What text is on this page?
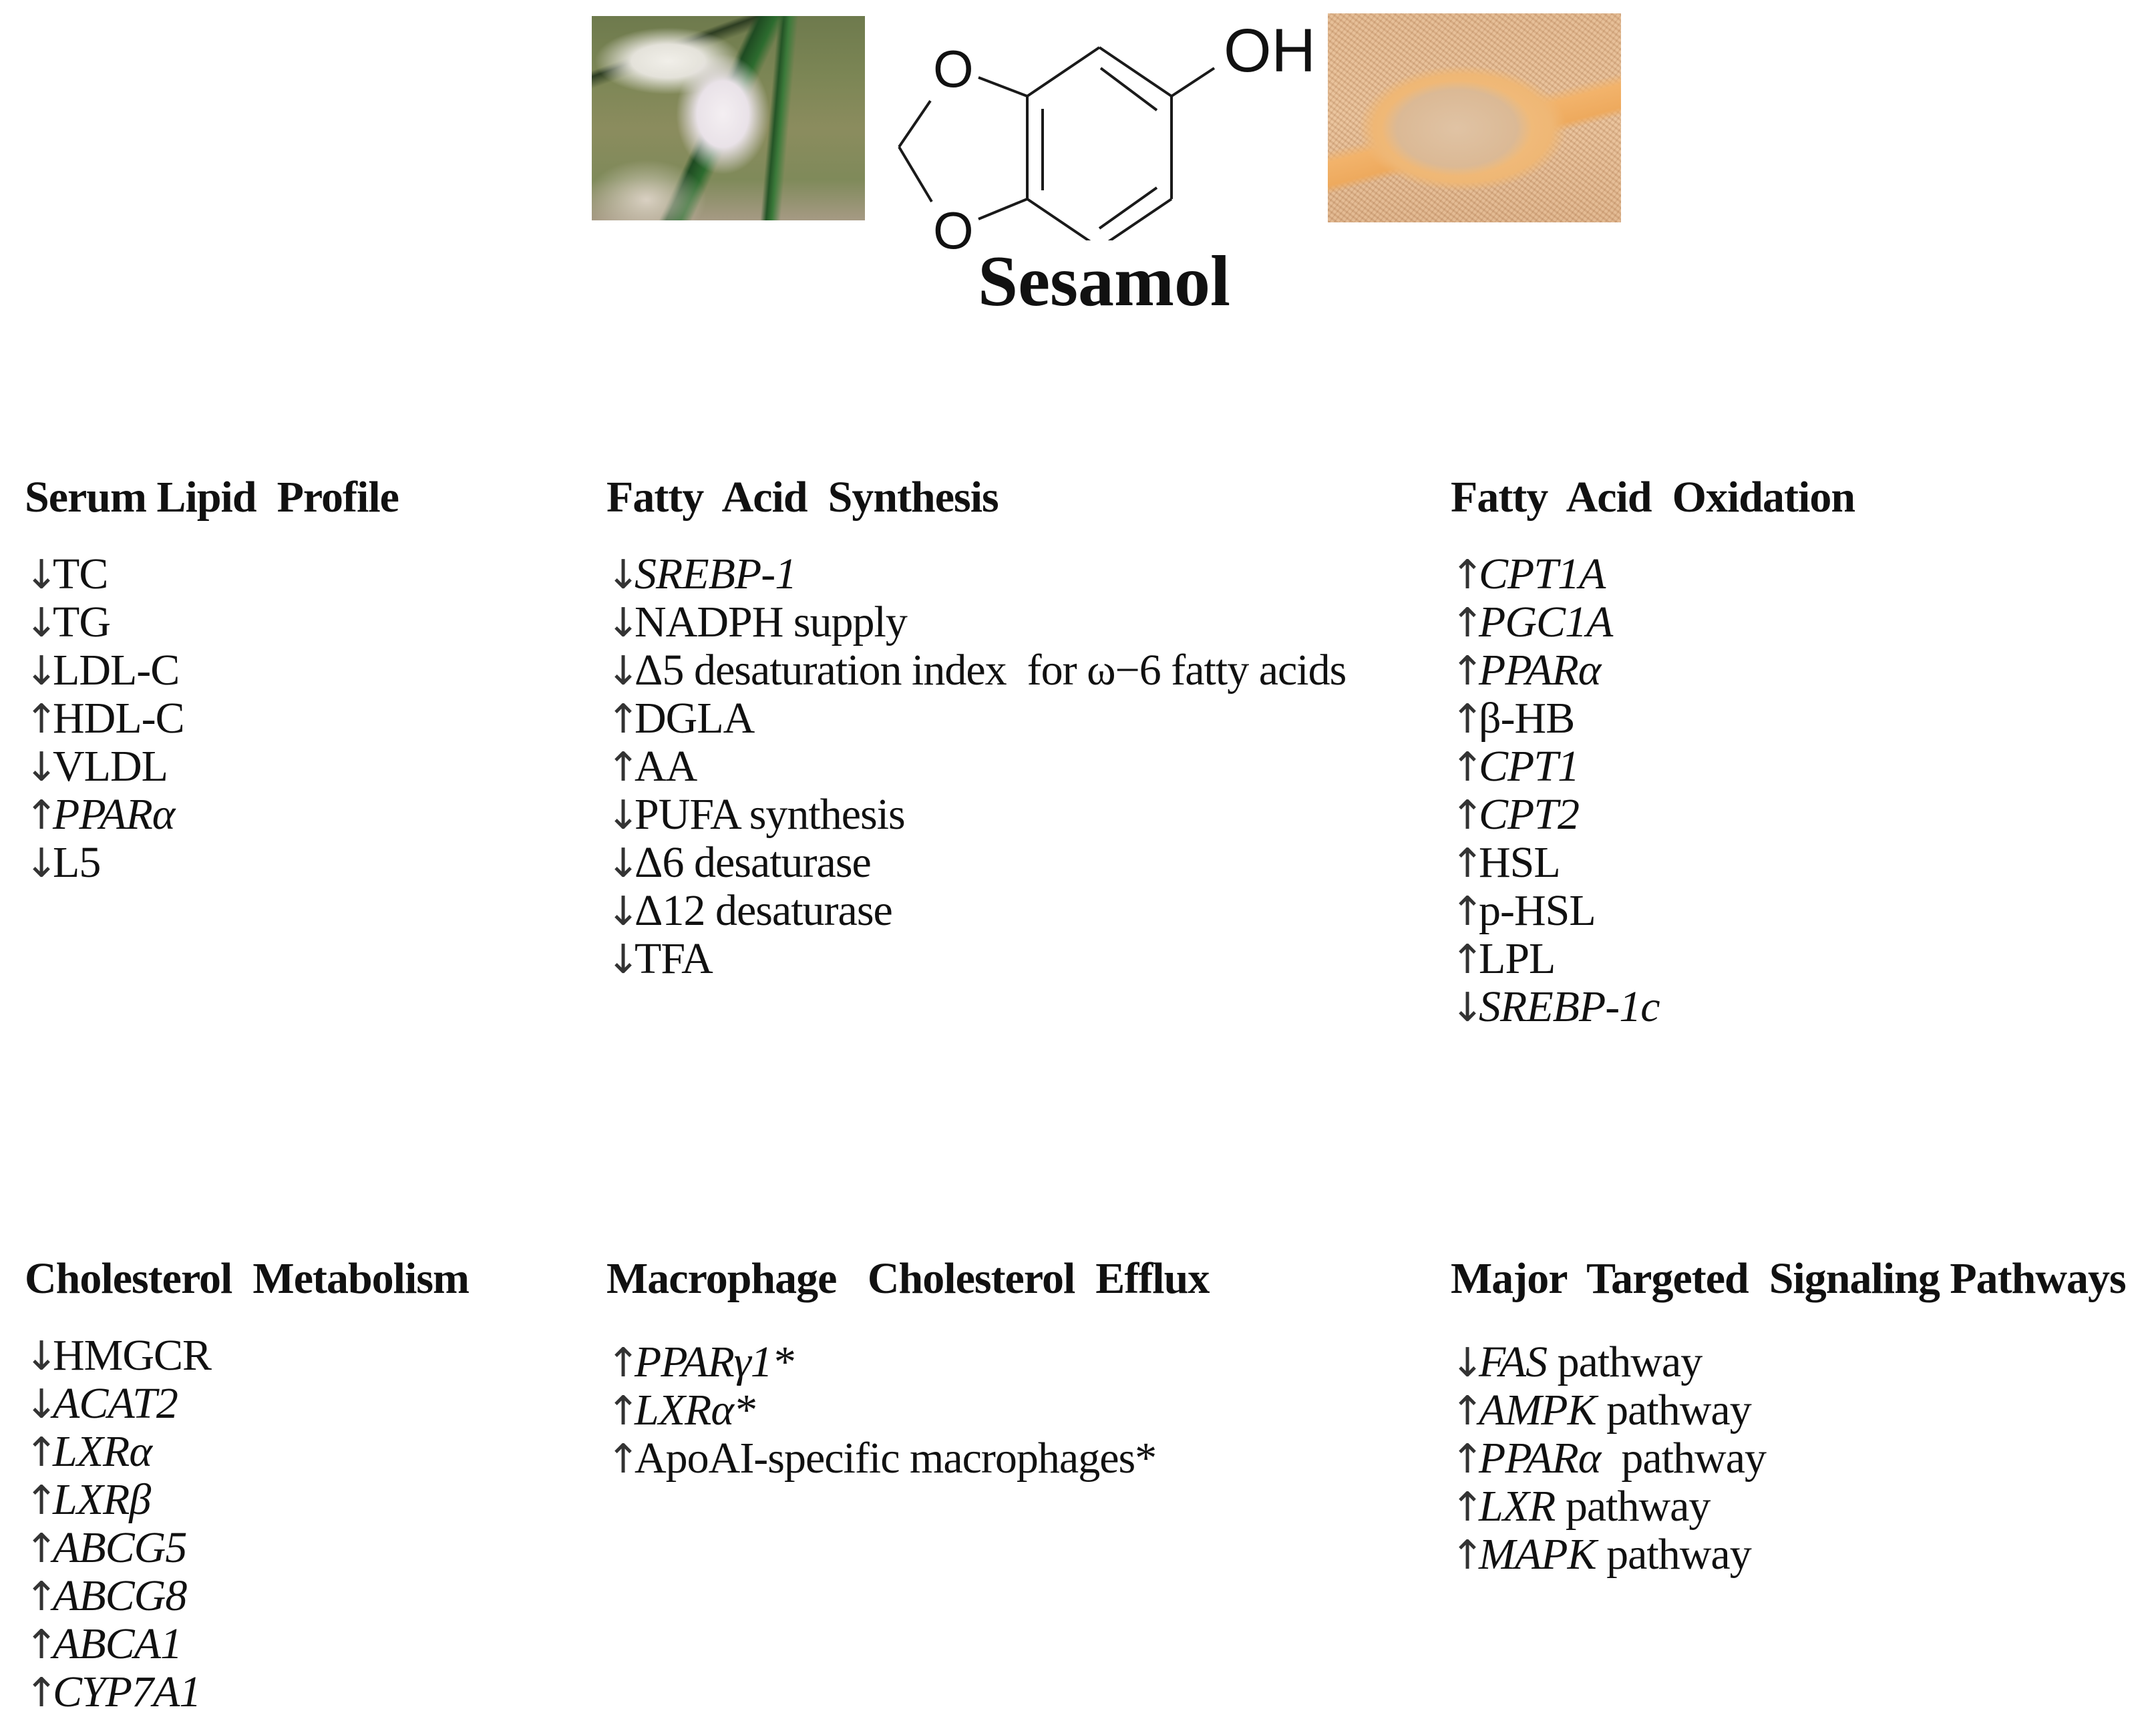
O
O
OH
Sesamol
Serum Lipid  Profile
↓
TC
↓
TG
↓
LDL-C
↑
HDL-C
↓
VLDL
↑
PPARα
↓
L5
Fatty  Acid  Synthesis
↓
SREBP-1
↓
NADPH supply
↓
Δ5 desaturation index  for ω−6 fatty acids
↑
DGLA
↑
AA
↓
PUFA synthesis
↓
Δ6 desaturase
↓
Δ12 desaturase
↓
TFA
Fatty  Acid  Oxidation
↑
CPT1A
↑
PGC1A
↑
PPARα
↑
β-HB
↑
CPT1
↑
CPT2
↑
HSL
↑
p-HSL
↑
LPL
↓
SREBP-1c
Cholesterol  Metabolism
↓
HMGCR
↓
ACAT2
↑
LXRα
↑
LXRβ
↑
ABCG5
↑
ABCG8
↑
ABCA1
↑
CYP7A1
Macrophage   Cholesterol  Efflux
↑
PPARγ1*
↑
LXRα*
↑
ApoAI-specific macrophages*
Major  Targeted  Signaling Pathways
↓
FAS pathway
↑
AMPK pathway
↑
PPARα pathway
↑
LXR pathway
↑
MAPK pathway
